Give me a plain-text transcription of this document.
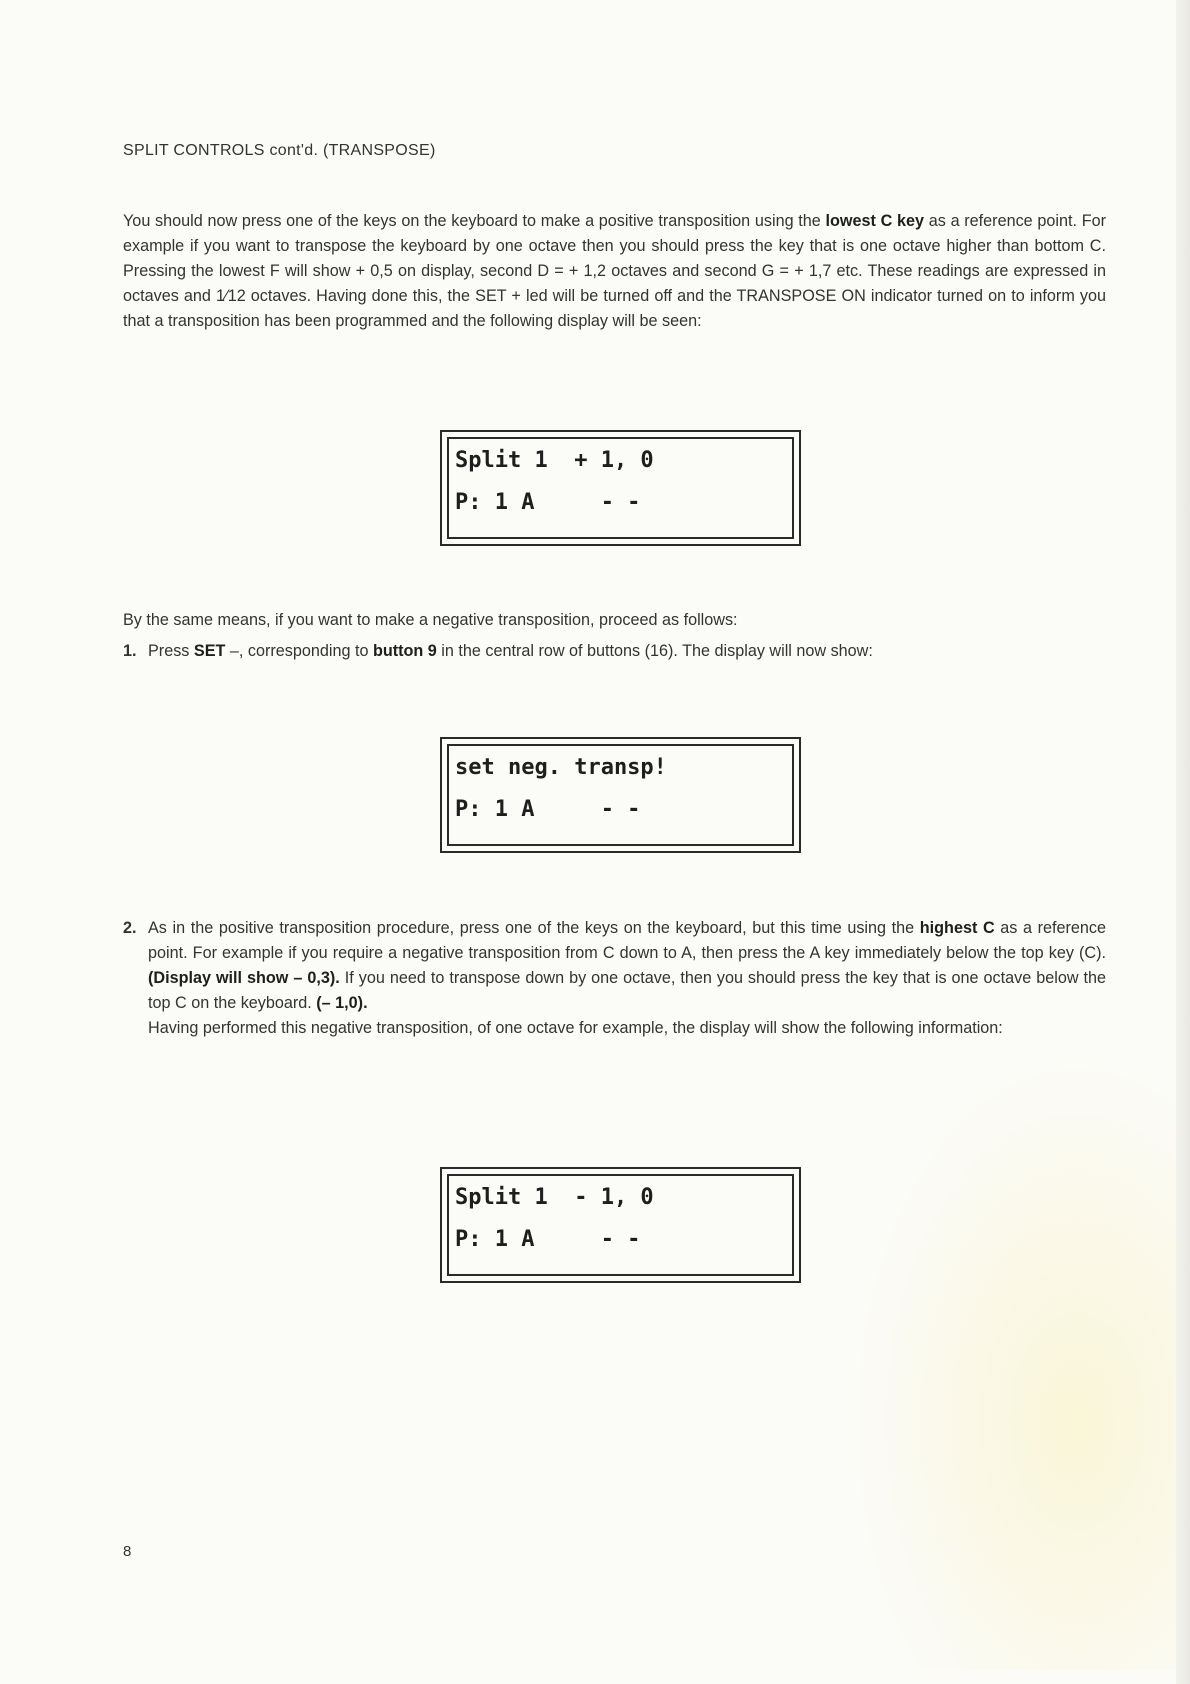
SPLIT CONTROLS cont'd. (TRANSPOSE)
You should now press one of the keys on the keyboard to make a positive transposition using the lowest C key as a reference point. For example if you want to transpose the keyboard by one octave then you should press the key that is one octave higher than bottom C. Pressing the lowest F will show + 0,5 on display, second D = + 1,2 octaves and second G = + 1,7 etc. These readings are expressed in octaves and 1⁄12 octaves. Having done this, the SET + led will be turned off and the TRANSPOSE ON indicator turned on to inform you that a transposition has been programmed and the following display will be seen:
Split 1  + 1, 0
P: 1 A     - -
By the same means, if you want to make a negative transposition, proceed as follows:
1. Press SET –, corresponding to button 9 in the central row of buttons (16). The display will now show:
set neg. transp!
P: 1 A     - -
2. As in the positive transposition procedure, press one of the keys on the keyboard, but this time using the highest C as a reference point. For example if you require a negative transposition from C down to A, then press the A key immediately below the top key (C). (Display will show – 0,3). If you need to transpose down by one octave, then you should press the key that is one octave below the top C on the keyboard. (– 1,0).
Having performed this negative transposition, of one octave for example, the display will show the following information:
Split 1  - 1, 0
P: 1 A     - -
8
